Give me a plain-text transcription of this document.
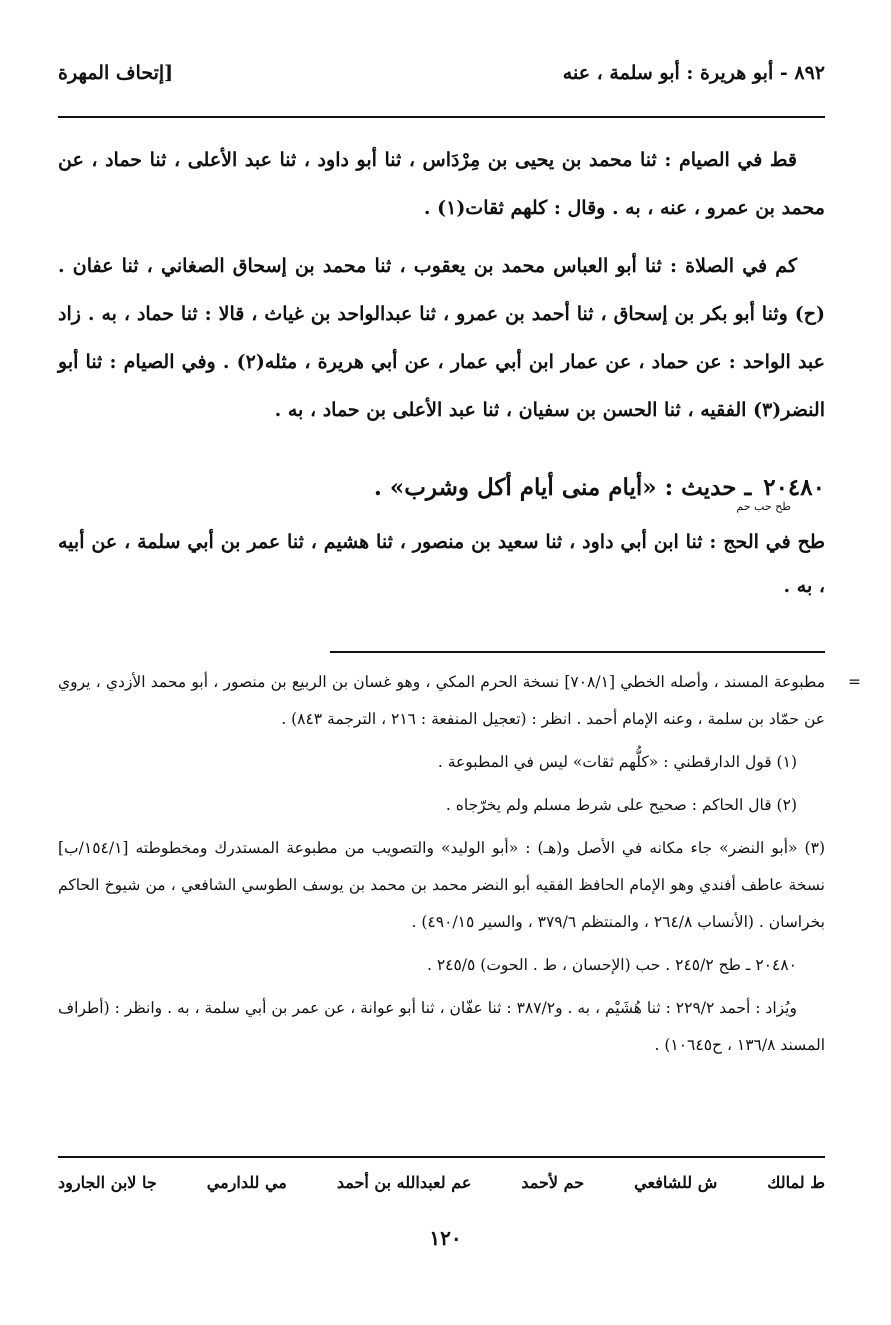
٨٩٢ - أبو هريرة : أبو سلمة ، عنه
[إتحاف المهرة

قط في الصيام : ثنا محمد بن يحيى بن مِرْدَاس ، ثنا أبو داود ، ثنا عبد الأعلى ، ثنا حماد ، عن محمد بن عمرو ، عنه ، به . وقال : كلهم ثقات(١) .

كم في الصلاة : ثنا أبو العباس محمد بن يعقوب ، ثنا محمد بن إسحاق الصغاني ، ثنا عفان . (ح) وثنا أبو بكر بن إسحاق ، ثنا أحمد بن عمرو ، ثنا عبدالواحد بن غياث ، قالا : ثنا حماد ، به . زاد عبد الواحد : عن حماد ، عن عمار ابن أبي عمار ، عن أبي هريرة ، مثله(٢) . وفي الصيام : ثنا أبو النضر(٣) الفقيه ، ثنا الحسن بن سفيان ، ثنا عبد الأعلى بن حماد ، به .

٢٠٤٨٠ ـ حديث : «أيام منى أيام أكل وشرب» .
طح حب حم

طح في الحج : ثنا ابن أبي داود ، ثنا سعيد بن منصور ، ثنا هشيم ، ثنا عمر بن أبي سلمة ، عن أبيه ، به .

=
مطبوعة المسند ، وأصله الخطي [٧٠٨/١] نسخة الحرم المكي ، وهو غسان بن الربيع بن منصور ، أبو محمد الأزدي ، يروي عن حمّاد بن سلمة ، وعنه الإمام أحمد . انظر : (تعجيل المنفعة : ٢١٦ ، الترجمة ٨٤٣) .

(١) قول الدارقطني : «كلُّهم ثقات» ليس في المطبوعة .

(٢) قال الحاكم : صحيح على شرط مسلم ولم يخرّجاه .

(٣) «أبو النضر» جاء مكانه في الأصل و(هـ) : «أبو الوليد» والتصويب من مطبوعة المستدرك ومخطوطته [١٥٤/١/ب] نسخة عاطف أفندي وهو الإمام الحافظ الفقيه أبو النضر محمد بن محمد بن يوسف الطوسي الشافعي ، من شيوخ الحاكم بخراسان . (الأنساب ٢٦٤/٨ ، والمنتظم ٣٧٩/٦ ، والسير ٤٩٠/١٥) .

٢٠٤٨٠ ـ طح ٢٤٥/٢ . حب (الإحسان ، ط . الحوت) ٢٤٥/٥ .

ويُزاد : أحمد ٢٢٩/٢ : ثنا هُشَيْم ، به . و٣٨٧/٢ : ثنا عفّان ، ثنا أبو عوانة ، عن عمر بن أبي سلمة ، به . وانظر : (أطراف المسند ١٣٦/٨ ، ح١٠٦٤٥) .

ط لمالك
ش للشافعي
حم لأحمد
عم لعبدالله بن أحمد
مي للدارمي
جا لابن الجارود
١٢٠
